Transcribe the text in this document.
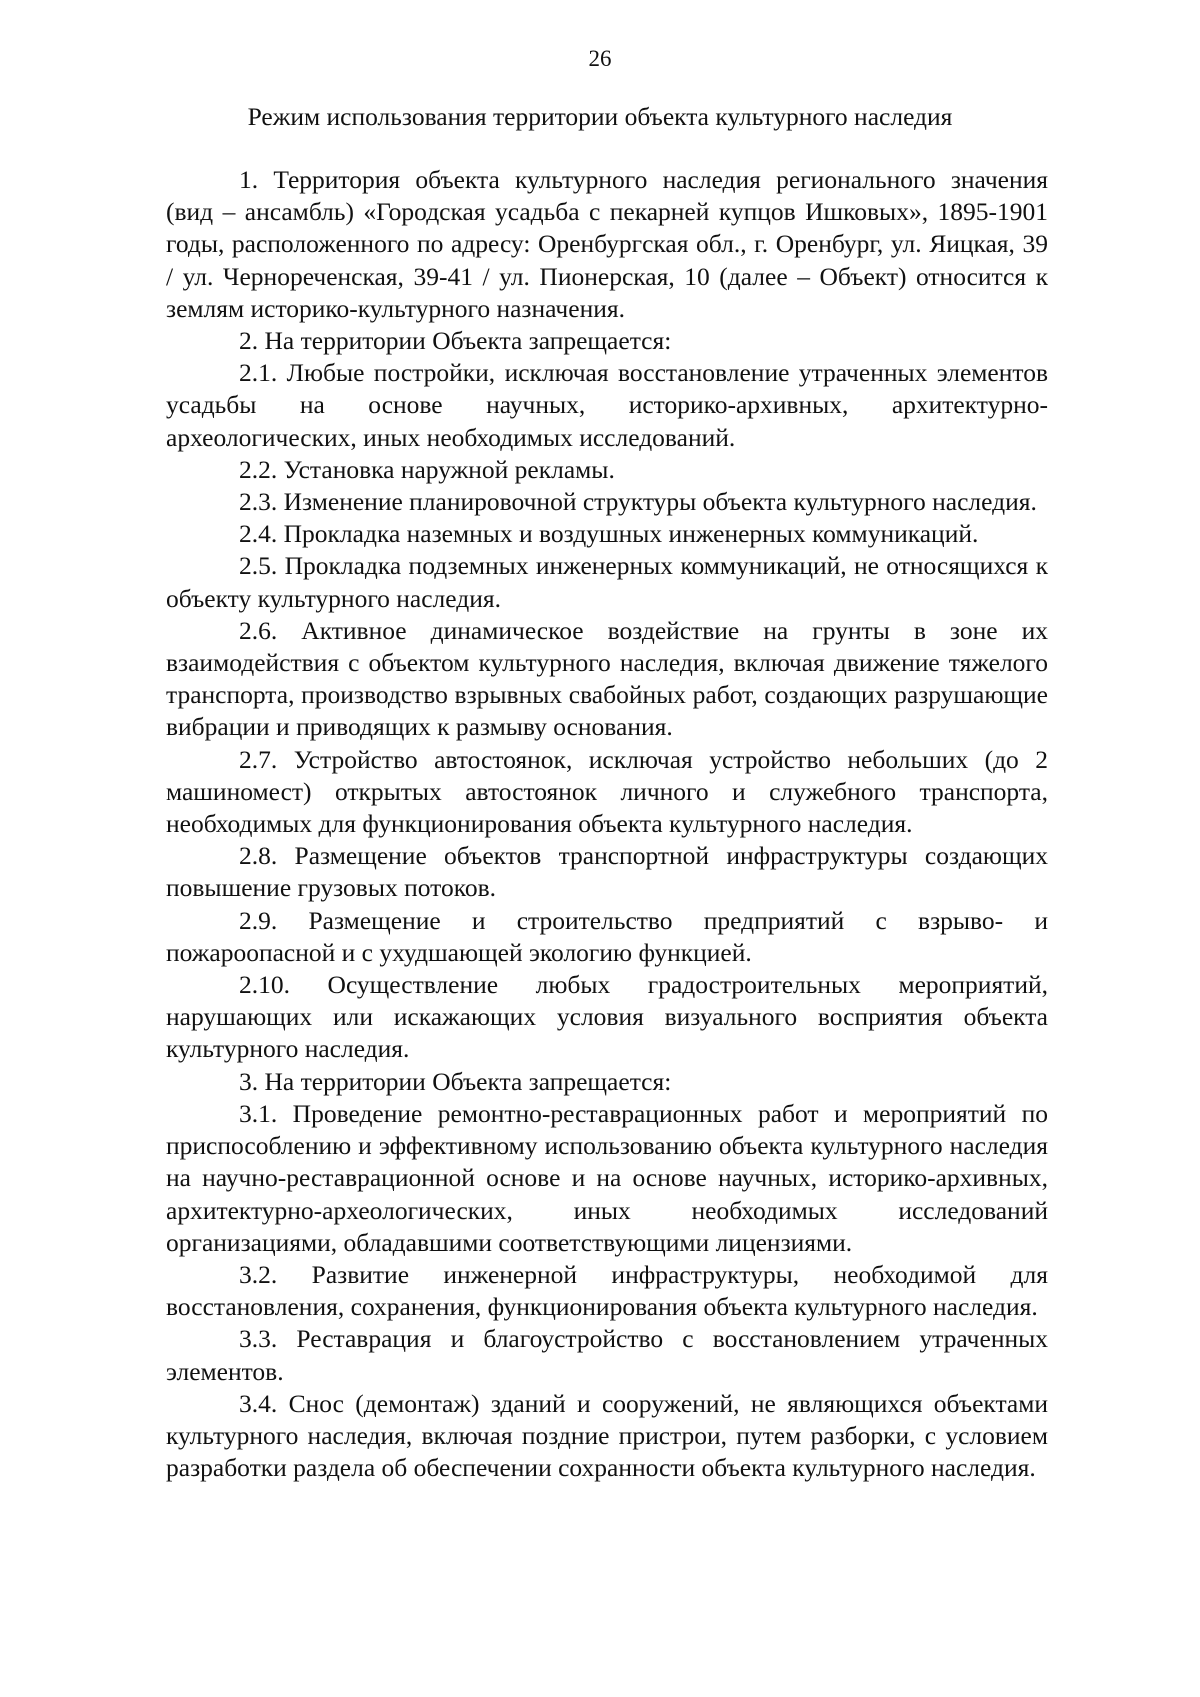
26
Режим использования территории объекта культурного наследия

1. Территория объекта культурного наследия регионального значения (вид – ансамбль) «Городская усадьба с пекарней купцов Ишковых», 1895-1901 годы, расположенного по адресу: Оренбургская обл., г. Оренбург, ул. Яицкая, 39 / ул. Чернореченская, 39-41 / ул. Пионерская, 10 (далее – Объект) относится к землям историко-культурного назначения.

2. На территории Объекта запрещается:

2.1. Любые постройки, исключая восстановление утраченных элементов усадьбы на основе научных, историко-архивных, архитектурно-археологических, иных необходимых исследований.

2.2. Установка наружной рекламы.

2.3. Изменение планировочной структуры объекта культурного наследия.

2.4. Прокладка наземных и воздушных инженерных коммуникаций.

2.5. Прокладка подземных инженерных коммуникаций, не относящихся к объекту культурного наследия.

2.6. Активное динамическое воздействие на грунты в зоне их взаимодействия с объектом культурного наследия, включая движение тяжелого транспорта, производство взрывных свабойных работ, создающих разрушающие вибрации и приводящих к размыву основания.

2.7. Устройство автостоянок, исключая устройство небольших (до 2 машиномест) открытых автостоянок личного и служебного транспорта, необходимых для функционирования объекта культурного наследия.

2.8. Размещение объектов транспортной инфраструктуры создающих повышение грузовых потоков.

2.9. Размещение и строительство предприятий с взрыво- и пожароопасной и с ухудшающей экологию функцией.

2.10. Осуществление любых градостроительных мероприятий, нарушающих или искажающих условия визуального восприятия объекта культурного наследия.

3. На территории Объекта запрещается:

3.1. Проведение ремонтно-реставрационных работ и мероприятий по приспособлению и эффективному использованию объекта культурного наследия на научно-реставрационной основе и на основе научных, историко-архивных, архитектурно-археологических, иных необходимых исследований организациями, обладавшими соответствующими лицензиями.

3.2. Развитие инженерной инфраструктуры, необходимой для восстановления, сохранения, функционирования объекта культурного наследия.

3.3. Реставрация и благоустройство с восстановлением утраченных элементов.

3.4. Снос (демонтаж) зданий и сооружений, не являющихся объектами культурного наследия, включая поздние пристрои, путем разборки, с условием разработки раздела об обеспечении сохранности объекта культурного наследия.
